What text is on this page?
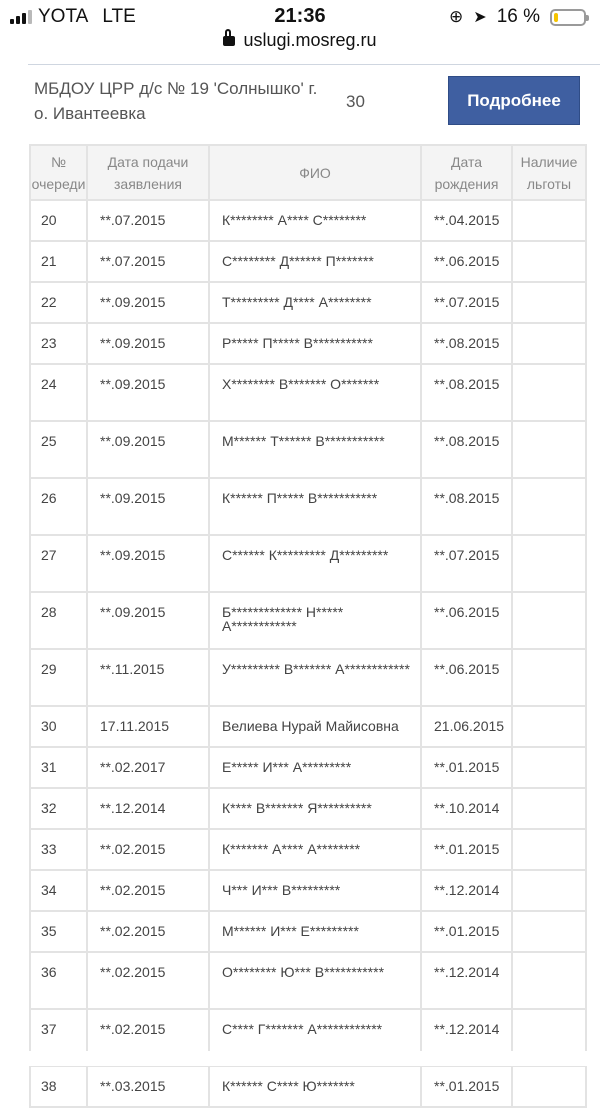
YOTA LTE	21:36	⊕ ➤ 16 %
uslugi.mosreg.ru
МБДОУ ЦРР д/с № 19 'Солнышко' г. о. Ивантеевка
30	Подробнее
№ очереди	Дата подачи заявления	ФИО	Дата рождения	Наличие льготы
20	**.07.2015	К******** А**** С********	**.04.2015	
21	**.07.2015	С******** Д****** П*******	**.06.2015	
22	**.09.2015	Т********* Д**** А********	**.07.2015	
23	**.09.2015	Р***** П***** В***********	**.08.2015	
24	**.09.2015	Х******** В******* О*******	**.08.2015	
25	**.09.2015	М****** Т****** В***********	**.08.2015	
26	**.09.2015	К****** П***** В***********	**.08.2015	
27	**.09.2015	С****** К********* Д*********	**.07.2015	
28	**.09.2015	Б************* Н***** А************	**.06.2015	
29	**.11.2015	У********* В******* А************	**.06.2015	
30	17.11.2015	Велиева Нурай Майисовна	21.06.2015	
31	**.02.2017	Е***** И*** А*********	**.01.2015	
32	**.12.2014	К**** В******* Я**********	**.10.2014	
33	**.02.2015	К******* А**** А********	**.01.2015	
34	**.02.2015	Ч*** И*** В*********	**.12.2014	
35	**.02.2015	М****** И*** Е*********	**.01.2015	
36	**.02.2015	О******** Ю*** В***********	**.12.2014	
37	**.02.2015	С**** Г******* А************	**.12.2014	
38	**.03.2015	К****** С**** Ю*******	**.01.2015	
